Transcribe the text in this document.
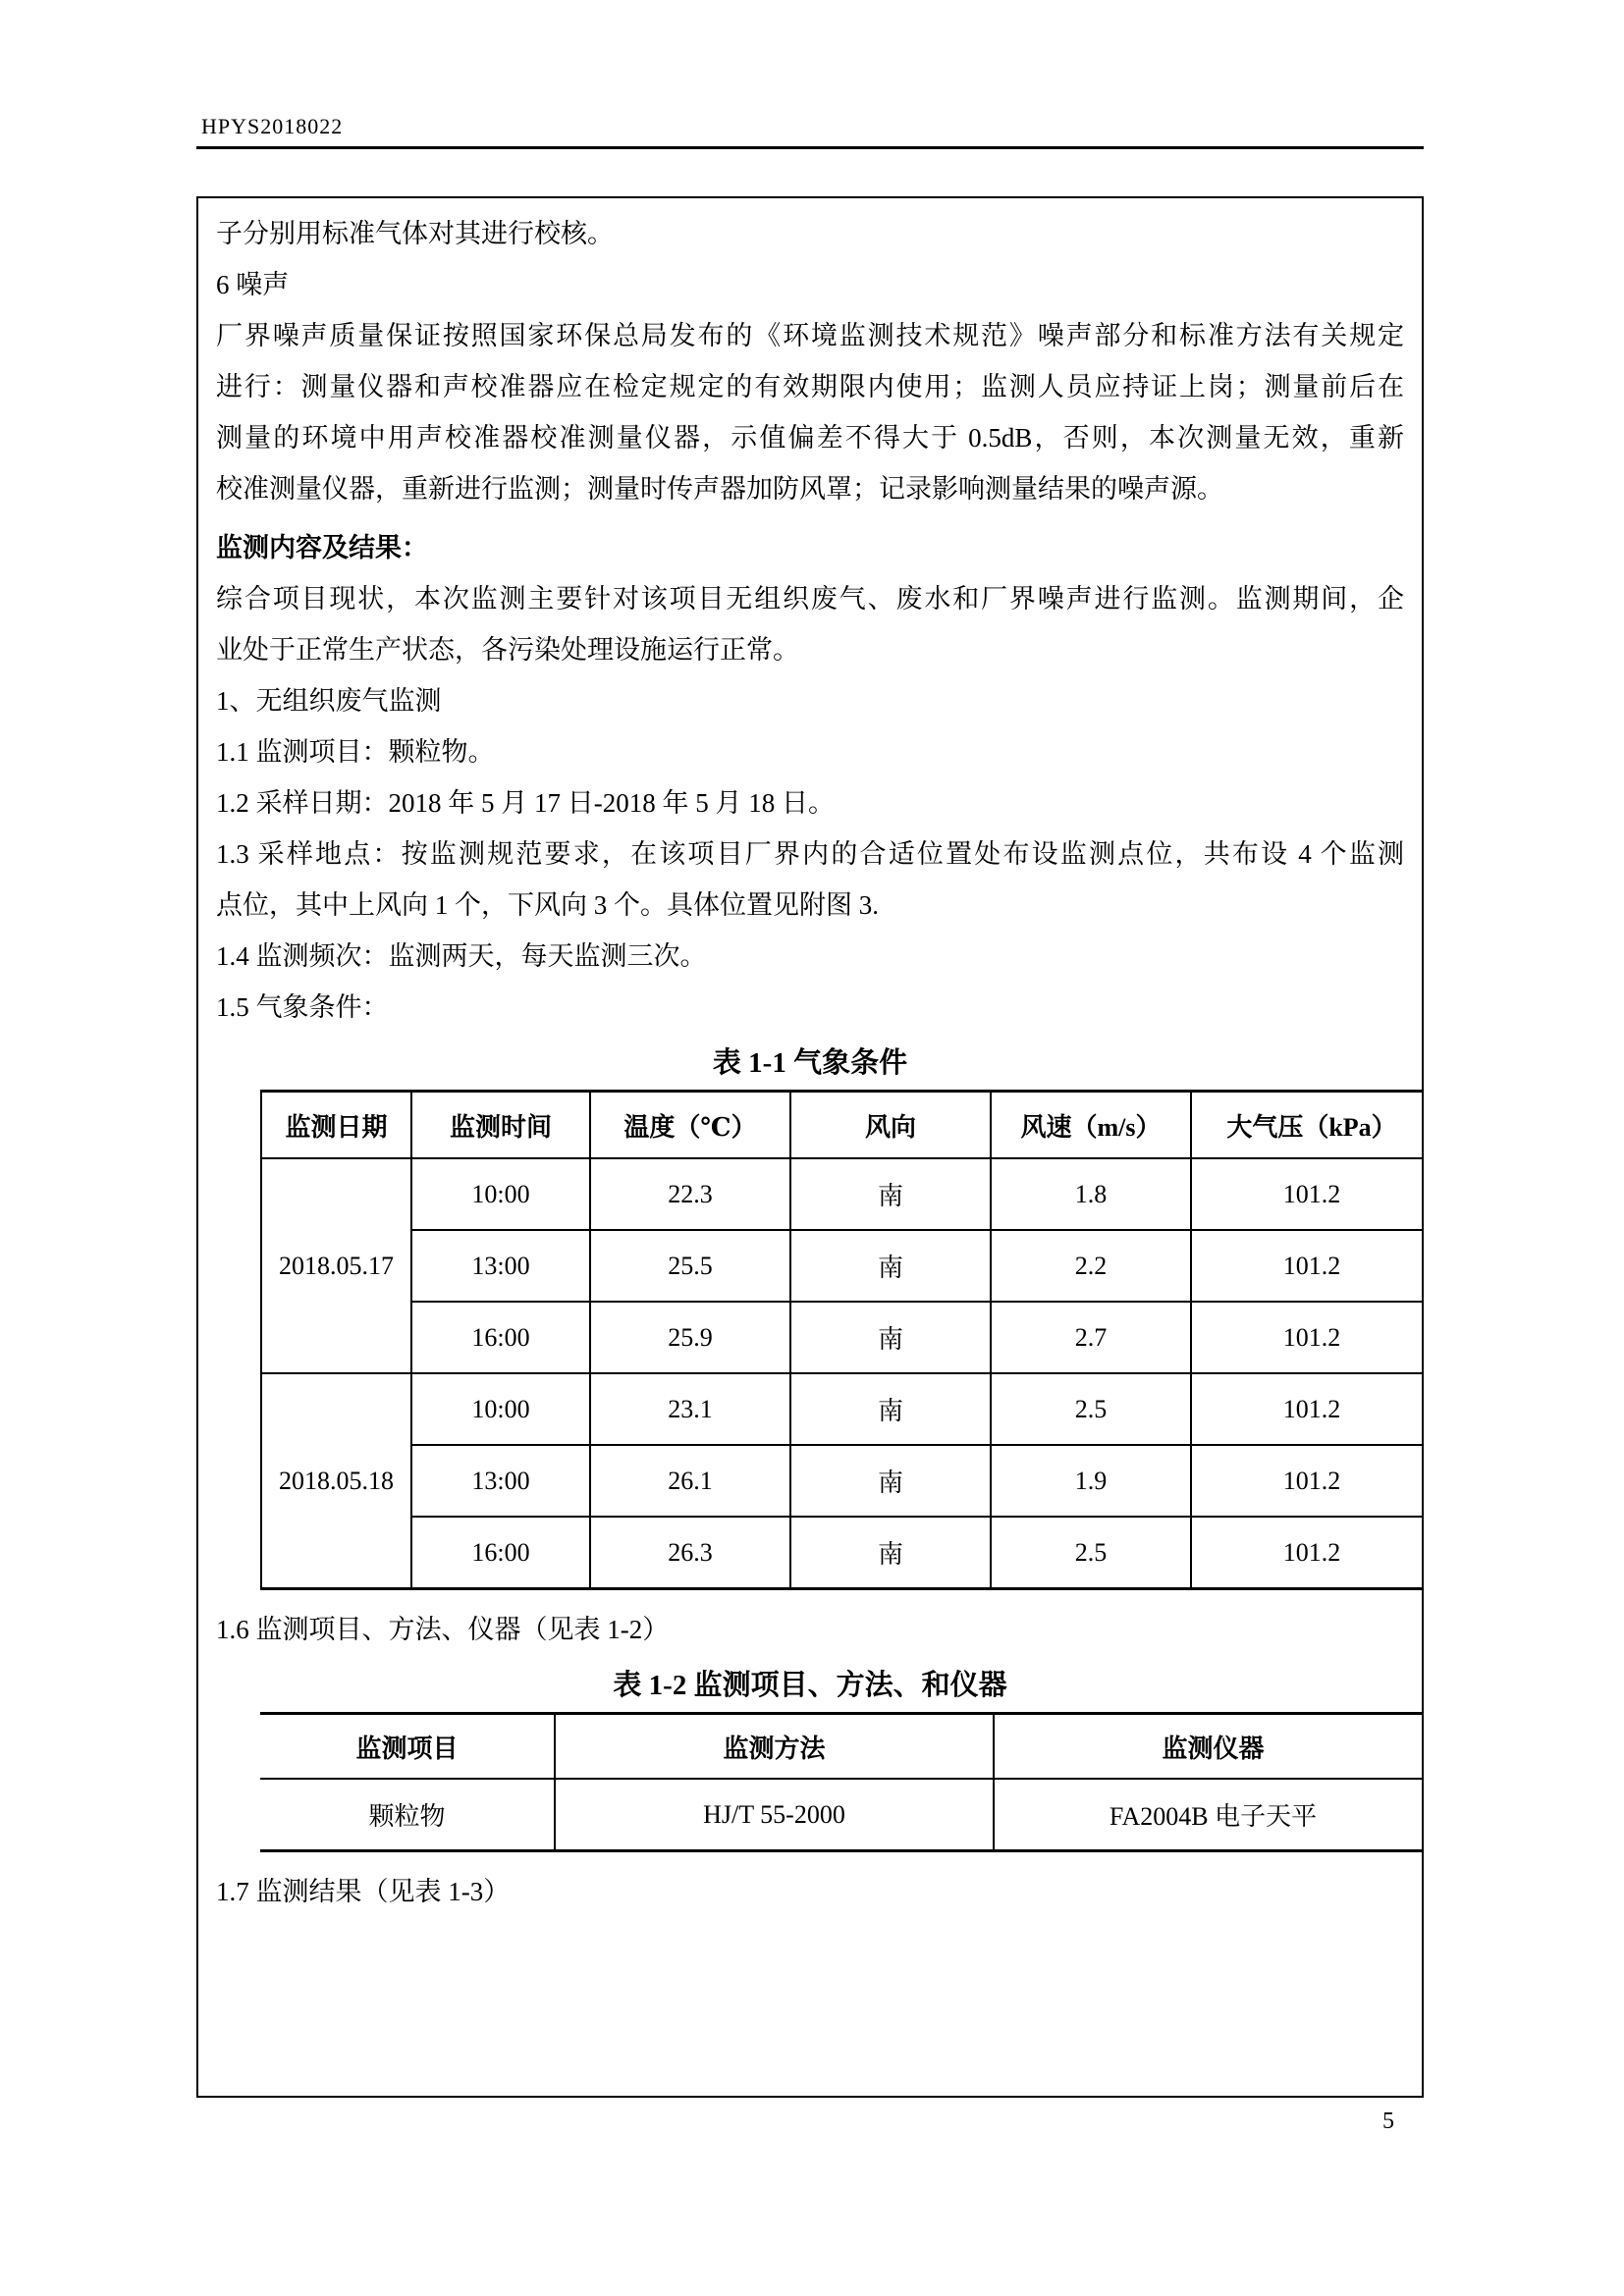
HPYS2018022

子分别用标准气体对其进行校核。

6 噪声

厂界噪声质量保证按照国家环保总局发布的《环境监测技术规范》噪声部分和标准方法有关规定

进行：测量仪器和声校准器应在检定规定的有效期限内使用；监测人员应持证上岗；测量前后在

测量的环境中用声校准器校准测量仪器，示值偏差不得大于 0.5dB，否则，本次测量无效，重新

校准测量仪器，重新进行监测；测量时传声器加防风罩；记录影响测量结果的噪声源。

监测内容及结果：

综合项目现状，本次监测主要针对该项目无组织废气、废水和厂界噪声进行监测。监测期间，企

业处于正常生产状态，各污染处理设施运行正常。

1、无组织废气监测

1.1 监测项目：颗粒物。

1.2 采样日期：2018 年 5 月 17 日-2018 年 5 月 18 日。

1.3 采样地点：按监测规范要求，在该项目厂界内的合适位置处布设监测点位，共布设 4 个监测

点位，其中上风向 1 个，下风向 3 个。具体位置见附图 3.

1.4 监测频次：监测两天，每天监测三次。

1.5 气象条件：

表 1-1 气象条件
监测日期	监测时间	温度（℃）	风向	风速（m/s）	大气压（kPa）
2018.05.17	10:00	22.3	南	1.8	101.2
	13:00	25.5	南	2.2	101.2
	16:00	25.9	南	2.7	101.2
2018.05.18	10:00	23.1	南	2.5	101.2
	13:00	26.1	南	1.9	101.2
	16:00	26.3	南	2.5	101.2

1.6 监测项目、方法、仪器（见表 1-2）

表 1-2 监测项目、方法、和仪器
监测项目	监测方法	监测仪器
颗粒物	HJ/T 55-2000	FA2004B 电子天平

1.7 监测结果（见表 1-3）

5
